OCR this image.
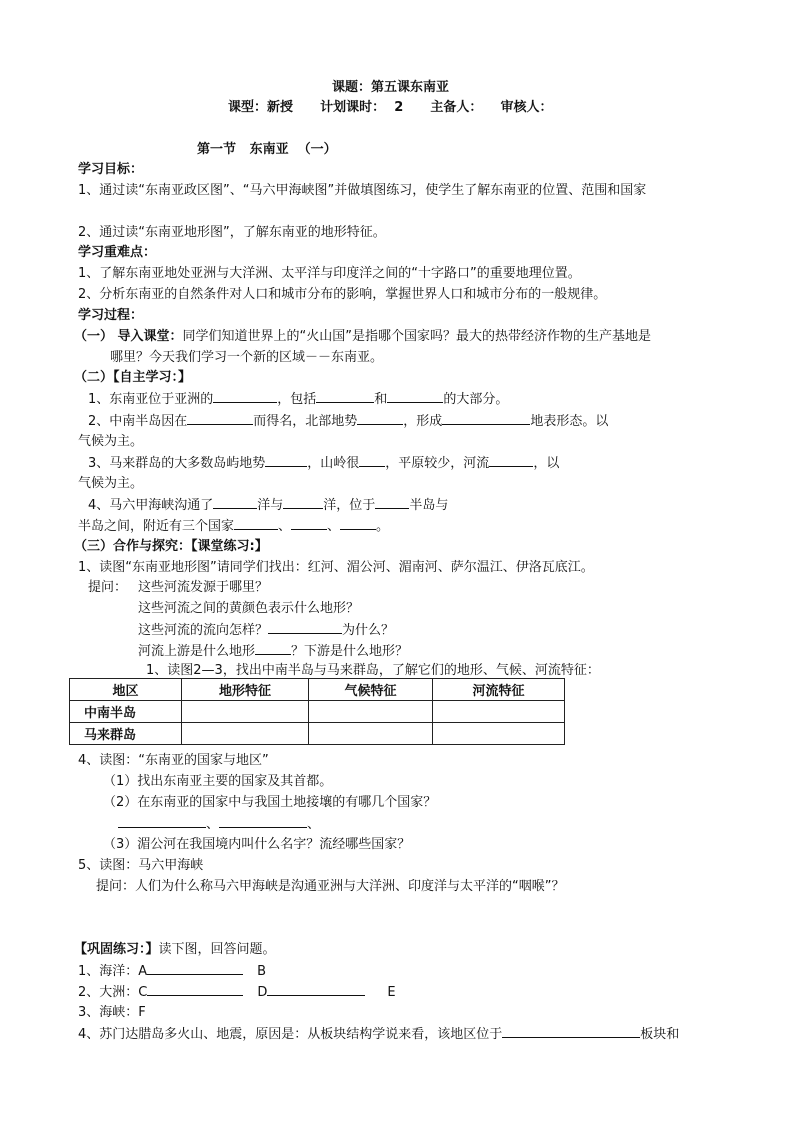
课题：第五课东南亚
课型：新授      计划课时：  2      主备人：    审核人：
第一节   东南亚  （一）
学习目标：
1、通过读“东南亚政区图”、“马六甲海峡图”并做填图练习，使学生了解东南亚的位置、范围和国家
2、通过读“东南亚地形图”，了解东南亚的地形特征。
学习重难点：
1、了解东南亚地处亚洲与大洋洲、太平洋与印度洋之间的“十字路口”的重要地理位置。
2、分析东南亚的自然条件对人口和城市分布的影响，掌握世界人口和城市分布的一般规律。
学习过程：
（一） 导入课堂：同学们知道世界上的“火山国”是指哪个国家吗？最大的热带经济作物的生产基地是
哪里？今天我们学习一个新的区域－－东南亚。
（二）【自主学习：】
1、东南亚位于亚洲的	，包括	和	的大部分。
2、中南半岛因在	而得名，北部地势	，形成	地表形态。以
气候为主。
3、马来群岛的大多数岛屿地势	，山岭很 ，平原较少，河流	，以
气候为主。
4、马六甲海峡沟通了	洋与	洋，位于	半岛与
半岛之间，附近有三个国家	、	、	。
（三）合作与探究：【课堂练习:】
1、读图“东南亚地形图”请同学们找出：红河、湄公河、湄南河、萨尔温江、伊洛瓦底江。
提问： 这些河流发源于哪里？
这些河流之间的黄颜色表示什么地形？
这些河流的流向怎样？	为什么？
河流上游是什么地形	？下游是什么地形？
1、读图2—3，找出中南半岛与马来群岛，了解它们的地形、气候、河流特征：
地区	地形特征	气候特征	河流特征

中南半岛			
马来群岛			
4、读图：“东南亚的国家与地区”
（1）找出东南亚主要的国家及其首都。
（2）在东南亚的国家中与我国土地接壤的有哪几个国家？
、	、
（3）湄公河在我国境内叫什么名字？流经哪些国家？
5、读图：马六甲海峡
提问：人们为什么称马六甲海峡是沟通亚洲与大洋洲、印度洋与太平洋的“咽喉”？
【巩固练习：】读下图，回答问题。
1、海洋：A	B
2、大洲：C	D	E
3、海峡：F
4、苏门达腊岛多火山、地震，原因是：从板块结构学说来看，该地区位于	板块和
